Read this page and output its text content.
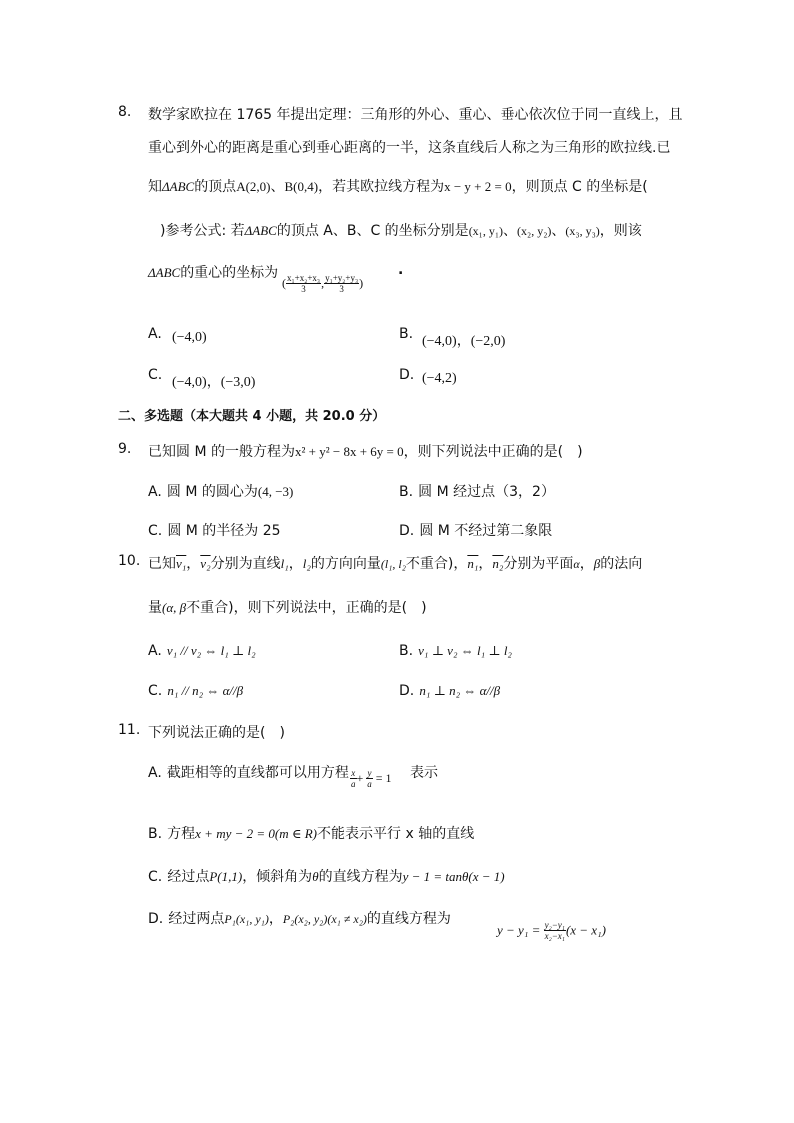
8. 数学家欧拉在 1765 年提出定理：三角形的外心、重心、垂心依次位于同一直线上，且
重心到外心的距离是重心到垂心距离的一半，这条直线后人称之为三角形的欧拉线.已
知ΔABC的顶点A(2,0)、B(0,4)，若其欧拉线方程为x − y + 2 = 0，则顶点 C 的坐标是(
)参考公式: 若ΔABC的顶点 A、B、C 的坐标分别是(x₁, y₁)、(x₂, y₂)、(x₃, y₃)，则该
ΔABC的重心的坐标为
( $\frac{\text{x₁+x₂+x₃}}{3}$ , $\frac{\text{y₁+y₂+y₃}}{3}$ )
.
A. (−4,0)	B. (−4,0)，(−2,0)
C. (−4,0)，(−3,0)	D. (−4,2)
二、多选题（本大题共 4 小题，共 20.0 分）
9. 已知圆 M 的一般方程为x² + y² − 8x + 6y = 0，则下列说法中正确的是(　)
A. 圆 M 的圆心为(4, −3)	B. 圆 M 经过点（3，2）
C. 圆 M 的半径为 25	D. 圆 M 不经过第二象限
10. 已知v₁，v₂分别为直线l₁，l₂的方向向量(l₁, l₂不重合)，n₁，n₂分别为平面α，β的法向
量(α, β不重合)，则下列说法中，正确的是(　)
A. v₁ // v₂ ⇔ l₁ ⊥ l₂	B. v₁ ⊥ v₂ ⇔ l₁ ⊥ l₂
C. n₁ // n₂ ⇔ α//β	D. n₁ ⊥ n₂ ⇔ α//β
11. 下列说法正确的是(　)
A. 截距相等的直线都可以用方程 $\frac{x}{a} + \frac{y}{a} = 1$ 表示
B. 方程x + my − 2 = 0(m ∈ R)不能表示平行 x 轴的直线
C. 经过点P(1,1)，倾斜角为θ的直线方程为y − 1 = tanθ(x − 1)
D. 经过两点P₁(x₁, y₁)，P₂(x₂, y₂)(x₁ ≠ x₂)的直线方程为
$y - y_1 = \frac{\text{y₂−y₁}}{\text{x₂−x₁}} (x - x_1)$
